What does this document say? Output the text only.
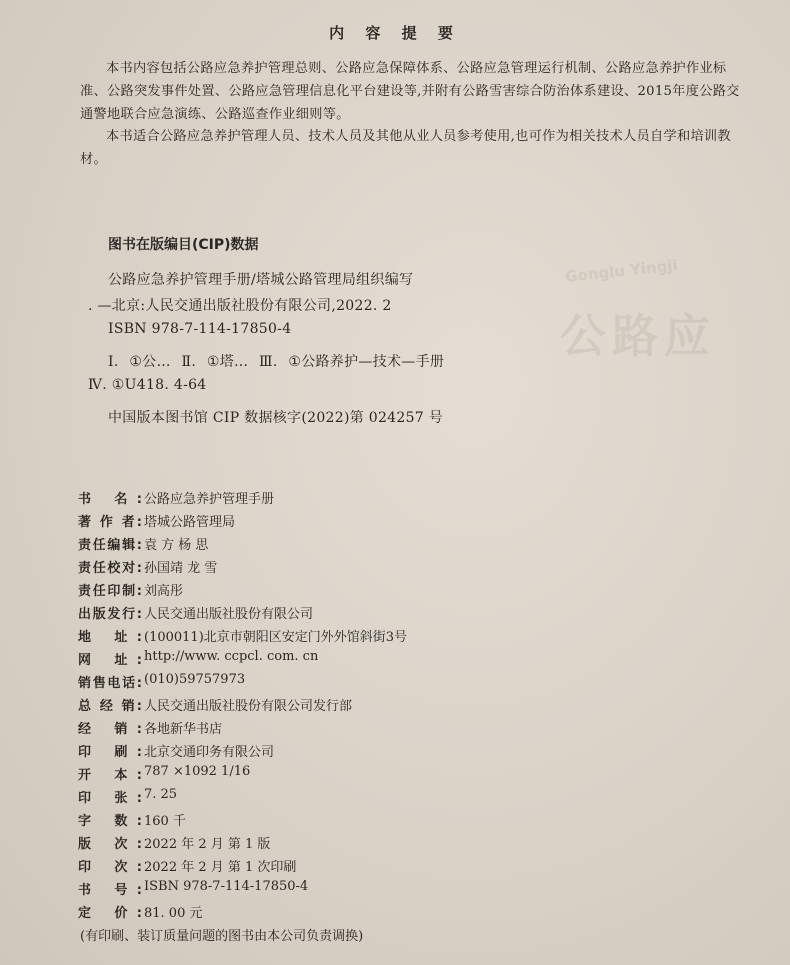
Gonglu Yingji
公路应
内 容 提 要

本书内容包括公路应急养护管理总则、公路应急保障体系、公路应急管理运行机制、公路应急养护作业标准、公路突发事件处置、公路应急管理信息化平台建设等,并附有公路雪害综合防治体系建设、2015年度公路交通警地联合应急演练、公路巡查作业细则等。

本书适合公路应急养护管理人员、技术人员及其他从业人员参考使用,也可作为相关技术人员自学和培训教材。

图书在版编目(CIP)数据
公路应急养护管理手册/塔城公路管理局组织编写
. —北京:人民交通出版社股份有限公司,2022. 2
ISBN 978-7-114-17850-4
Ⅰ. ①公… Ⅱ. ①塔… Ⅲ. ①公路养护—技术—手册
Ⅳ. ①U418. 4-64
中国版本图书馆 CIP 数据核字(2022)第 024257 号
书 名: 公路应急养护管理手册
著 作 者: 塔城公路管理局
责任编辑: 袁 方 杨 思
责任校对: 孙国靖 龙 雪
责任印制: 刘高彤
出版发行: 人民交通出版社股份有限公司
地 址: (100011)北京市朝阳区安定门外外馆斜街3号
网 址: http://www. ccpcl. com. cn
销售电话: (010)59757973
总 经 销: 人民交通出版社股份有限公司发行部
经 销: 各地新华书店
印 刷: 北京交通印务有限公司
开 本: 787 ×1092 1/16
印 张: 7. 25
字 数: 160 千
版 次: 2022 年 2 月 第 1 版
印 次: 2022 年 2 月 第 1 次印刷
书 号: ISBN 978-7-114-17850-4
定 价: 81. 00 元
(有印刷、装订质量问题的图书由本公司负责调换)
